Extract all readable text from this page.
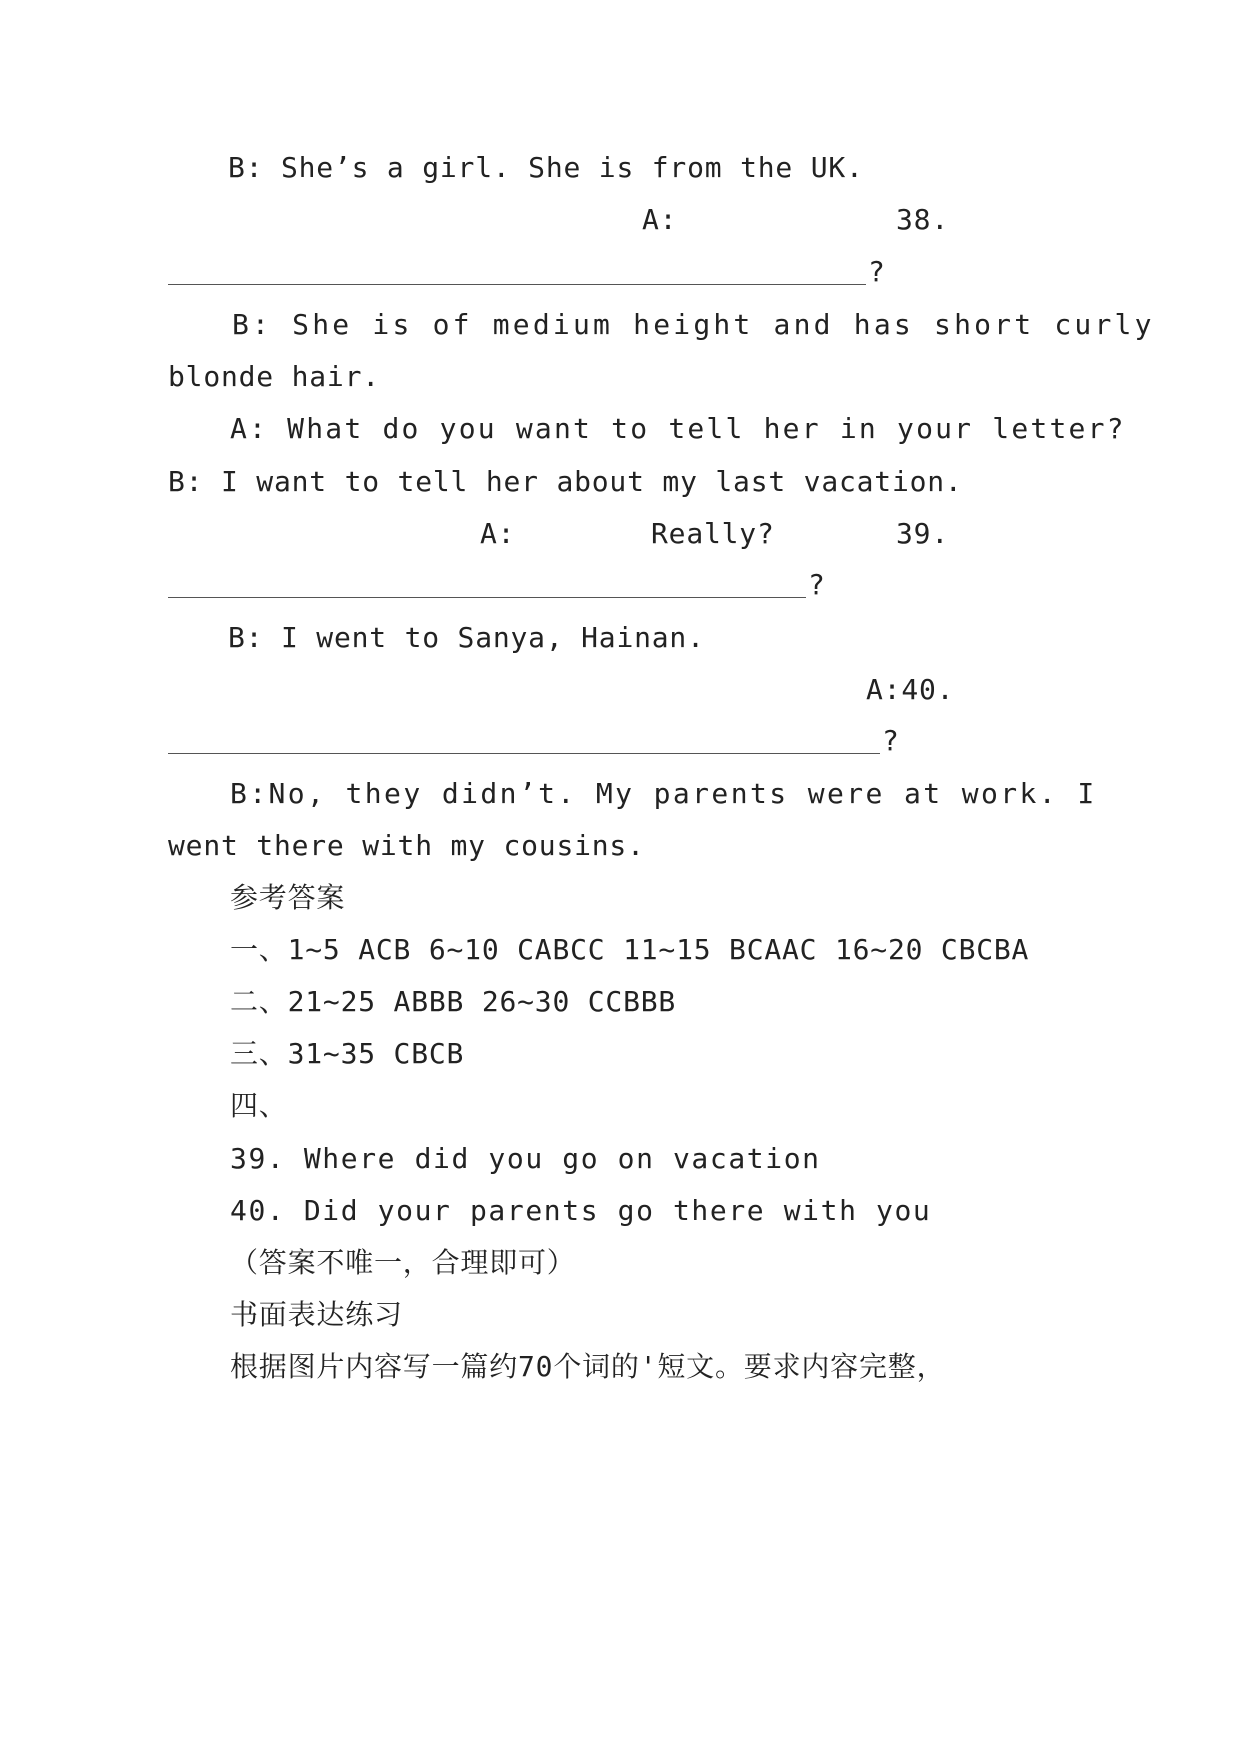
B: She’s a girl. She is from the UK.
A:	38.
?
B: She is of medium height and has short curly
blonde hair.
A: What do you want to tell her in your letter?
B: I want to tell her about my last vacation.
A:	Really?	39.
?
B: I went to Sanya, Hainan.
A:40.
?
B:No, they didn’t. My parents were at work. I
went there with my cousins.
参考答案
一、1~5 ACB 6~10 CABCC 11~15 BCAAC 16~20 CBCBA
二、21~25 ABBB 26~30 CCBBB
三、31~35 CBCB
四、
39. Where did you go on vacation
40. Did your parents go there with you
（答案不唯一，合理即可）
书面表达练习
根据图片内容写一篇约70个词的'短文。要求内容完整，
